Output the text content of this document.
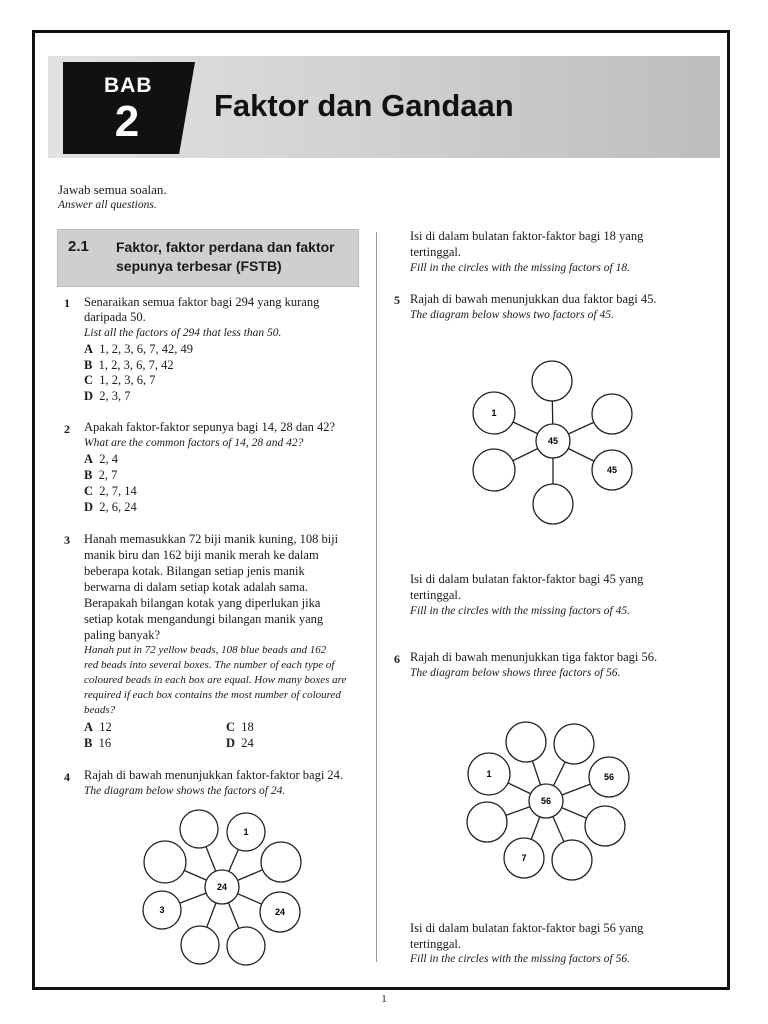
BAB
2	Faktor dan Gandaan
Jawab semua soalan.
Answer all questions.
2.1 Faktor, faktor perdana dan faktor
sepunya terbesar (FSTB)
1 Senaraikan semua faktor bagi 294 yang kurang
daripada 50.
List all the factors of 294 that less than 50.
A 1, 2, 3, 6, 7, 42, 49
B 1, 2, 3, 6, 7, 42
C 1, 2, 3, 6, 7
D 2, 3, 7
2 Apakah faktor-faktor sepunya bagi 14, 28 dan 42?
What are the common factors of 14, 28 and 42?
A 2, 4
B 2, 7
C 2, 7, 14
D 2, 6, 24
3 Hanah memasukkan 72 biji manik kuning, 108 biji
manik biru dan 162 biji manik merah ke dalam
beberapa kotak. Bilangan setiap jenis manik
berwarna di dalam setiap kotak adalah sama.
Berapakah bilangan kotak yang diperlukan jika
setiap kotak mengandungi bilangan manik yang
paling banyak?
Hanah put in 72 yellow beads, 108 blue beads and 162
red beads into several boxes. The number of each type of
coloured beads in each box are equal. How many boxes are
required if each box contains the most number of coloured
beads?
A 12	C 18
B 16	D 24
4 Rajah di bawah menunjukkan faktor-faktor bagi 24.
The diagram below shows the factors of 24.
24
1
24
3
Isi di dalam bulatan faktor-faktor bagi 18 yang
tertinggal.
Fill in the circles with the missing factors of 18.
5 Rajah di bawah menunjukkan dua faktor bagi 45.
The diagram below shows two factors of 45.
45
1
45
Isi di dalam bulatan faktor-faktor bagi 45 yang
tertinggal.
Fill in the circles with the missing factors of 45.
6 Rajah di bawah menunjukkan tiga faktor bagi 56.
The diagram below shows three factors of 56.
56
1	56
7
Isi di dalam bulatan faktor-faktor bagi 56 yang
tertinggal.
Fill in the circles with the missing factors of 56.
1
